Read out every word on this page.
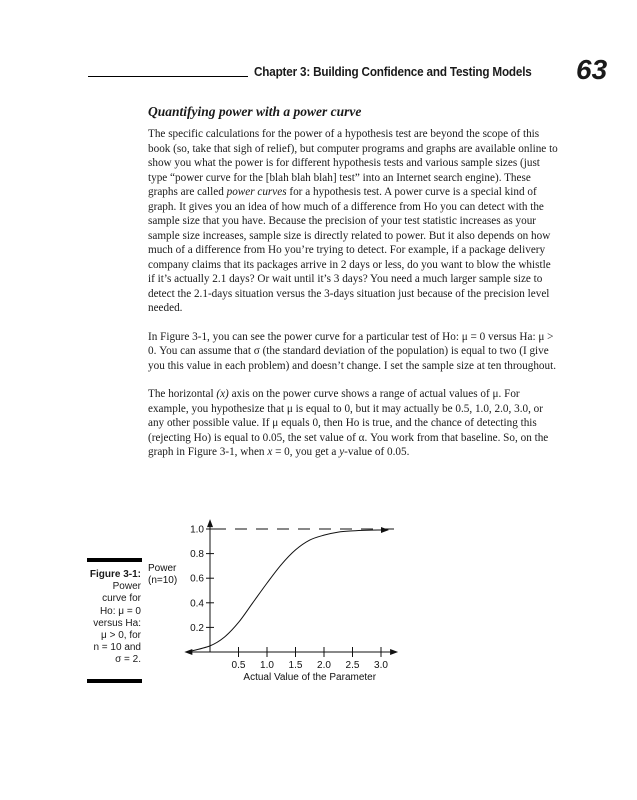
Chapter 3: Building Confidence and Testing Models 63
Quantifying power with a power curve

The specific calculations for the power of a hypothesis test are beyond the scope of this book (so, take that sigh of relief), but computer programs and graphs are available online to show you what the power is for different hypothesis tests and various sample sizes (just type “power curve for the [blah blah blah] test” into an Internet search engine). These graphs are called power curves for a hypothesis test. A power curve is a special kind of graph. It gives you an idea of how much of a difference from Ho you can detect with the sample size that you have. Because the precision of your test statistic increases as your sample size increases, sample size is directly related to power. But it also depends on how much of a difference from Ho you’re trying to detect. For example, if a package delivery company claims that its packages arrive in 2 days or less, do you want to blow the whistle if it’s actually 2.1 days? Or wait until it’s 3 days? You need a much larger sample size to detect the 2.1-days situation versus the 3-days situation just because of the precision level needed.

In Figure 3-1, you can see the power curve for a particular test of Ho: μ = 0 versus Ha: μ > 0. You can assume that σ (the standard deviation of the population) is equal to two (I give you this value in each problem) and doesn’t change. I set the sample size at ten throughout.

The horizontal (x) axis on the power curve shows a range of actual values of μ. For example, you hypothesize that μ is equal to 0, but it may actually be 0.5, 1.0, 2.0, 3.0, or any other possible value. If μ equals 0, then Ho is true, and the chance of detecting this (rejecting Ho) is equal to 0.05, the set value of α. You work from that baseline. So, on the graph in Figure 3-1, when x = 0, you get a y-value of 0.05.

Figure 3-1:
Power
curve for
Ho: μ = 0
versus Ha:
μ > 0, for
n = 10 and
σ = 2.
0.2
0.4
0.6
0.8
1.0
0.5 1.0 1.5 2.0 2.5 3.0
Actual Value of the Parameter
Power
(n=10)
